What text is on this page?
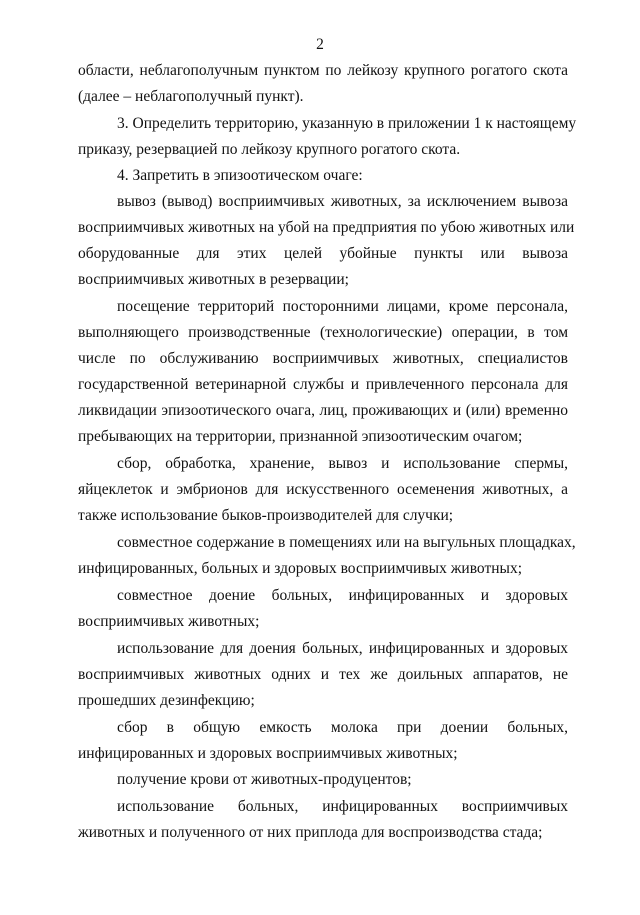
2
области, неблагополучным пунктом по лейкозу крупного рогатого скота
(далее – неблагополучный пункт).
3. Определить территорию, указанную в приложении 1 к настоящему
приказу, резервацией по лейкозу крупного рогатого скота.
4. Запретить в эпизоотическом очаге:
вывоз (вывод) восприимчивых животных, за исключением вывоза
восприимчивых животных на убой на предприятия по убою животных или
оборудованные для этих целей убойные пункты или вывоза
восприимчивых животных в резервации;
посещение территорий посторонними лицами, кроме персонала,
выполняющего производственные (технологические) операции, в том
числе по обслуживанию восприимчивых животных, специалистов
государственной ветеринарной службы и привлеченного персонала для
ликвидации эпизоотического очага, лиц, проживающих и (или) временно
пребывающих на территории, признанной эпизоотическим очагом;
сбор, обработка, хранение, вывоз и использование спермы,
яйцеклеток и эмбрионов для искусственного осеменения животных, а
также использование быков-производителей для случки;
совместное содержание в помещениях или на выгульных площадках,
инфицированных, больных и здоровых восприимчивых животных;
совместное доение больных, инфицированных и здоровых
восприимчивых животных;
использование для доения больных, инфицированных и здоровых
восприимчивых животных одних и тех же доильных аппаратов, не
прошедших дезинфекцию;
сбор в общую емкость молока при доении больных,
инфицированных и здоровых восприимчивых животных;
получение крови от животных-продуцентов;
использование больных, инфицированных восприимчивых
животных и полученного от них приплода для воспроизводства стада;
